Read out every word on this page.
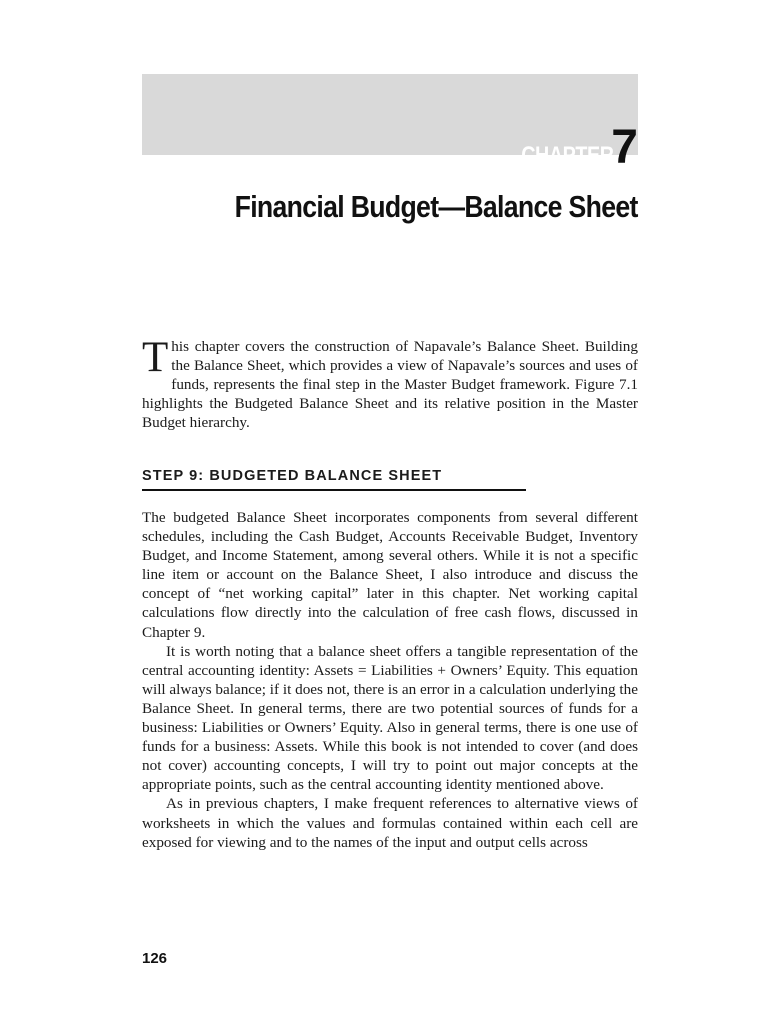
CHAPTER
7
Financial Budget—Balance Sheet
This chapter covers the construction of Napavale’s Balance Sheet. Building the Balance Sheet, which provides a view of Napavale’s sources and uses of funds, represents the final step in the Master Budget framework. Figure 7.1 highlights the Budgeted Balance Sheet and its relative position in the Master Budget hierarchy.
STEP 9: BUDGETED BALANCE SHEET

The budgeted Balance Sheet incorporates components from several different schedules, including the Cash Budget, Accounts Receivable Budget, Inventory Budget, and Income Statement, among several others. While it is not a specific line item or account on the Balance Sheet, I also introduce and discuss the concept of “net working capital” later in this chapter. Net working capital calculations flow directly into the calculation of free cash flows, discussed in Chapter 9.

It is worth noting that a balance sheet offers a tangible representation of the central accounting identity: Assets = Liabilities + Owners’ Equity. This equation will always balance; if it does not, there is an error in a calculation underlying the Balance Sheet. In general terms, there are two potential sources of funds for a business: Liabilities or Owners’ Equity. Also in general terms, there is one use of funds for a business: Assets. While this book is not intended to cover (and does not cover) accounting concepts, I will try to point out major concepts at the appropriate points, such as the central accounting identity mentioned above.

As in previous chapters, I make frequent references to alternative views of worksheets in which the values and formulas contained within each cell are exposed for viewing and to the names of the input and output cells across

126
